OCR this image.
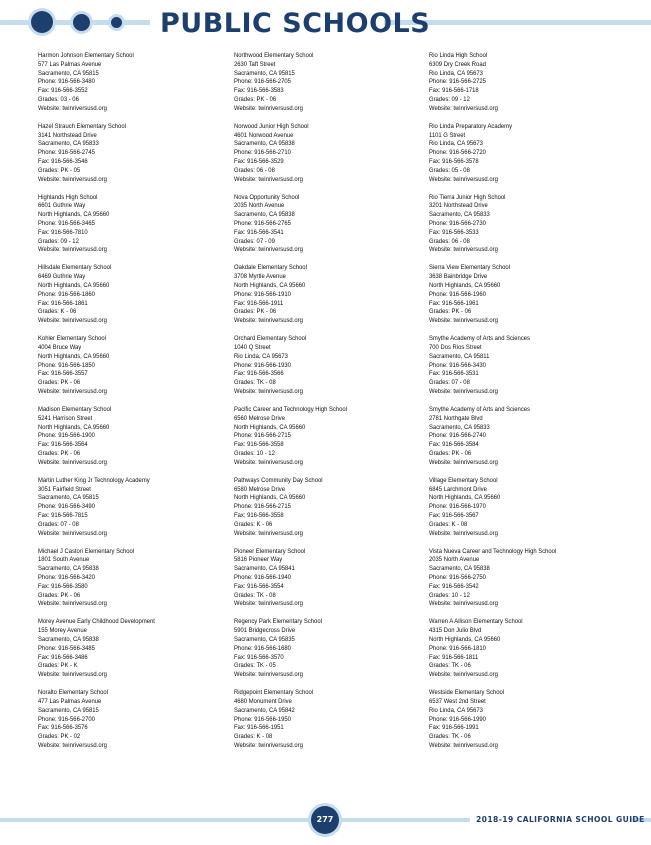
PUBLIC SCHOOLS
Harmon Johnson Elementary School
577 Las Palmas Avenue
Sacramento, CA 95815
Phone: 916-566-3480
Fax: 916-566-3552
Grades: 03 - 06
Website: twinriversusd.org
Hazel Strauch Elementary School
3141 Northstead Drive
Sacramento, CA 95833
Phone: 916-566-2745
Fax: 916-566-3546
Grades: PK - 05
Website: twinriversusd.org
Highlands High School
6601 Guthrie Way
North Highlands, CA 95660
Phone: 916-566-3465
Fax: 916-566-7810
Grades: 09 - 12
Website: twinriversusd.org
Hillsdale Elementary School
6469 Guthrie Way
North Highlands, CA 95660
Phone: 916-566-1860
Fax: 916-566-1861
Grades: K - 06
Website: twinriversusd.org
Kohler Elementary School
4004 Bruce Way
North Highlands, CA 95660
Phone: 916-566-1850
Fax: 916-566-3557
Grades: PK - 06
Website: twinriversusd.org
Madison Elementary School
5241 Harrison Street
North Highlands, CA 95660
Phone: 916-566-1900
Fax: 916-566-3564
Grades: PK - 06
Website: twinriversusd.org
Martin Luther King Jr Technology Academy
3051 Fairfield Street
Sacramento, CA 95815
Phone: 916-566-3490
Fax: 916-566-7815
Grades: 07 - 08
Website: twinriversusd.org
Michael J Castori Elementary School
1801 South Avenue
Sacramento, CA 95838
Phone: 916-566-3420
Fax: 916-566-3580
Grades: PK - 06
Website: twinriversusd.org
Morey Avenue Early Childhood Development
155 Morey Avenue
Sacramento, CA 95838
Phone: 916-566-3485
Fax: 916-566-3486
Grades: PK - K
Website: twinriversusd.org
Noralto Elementary School
477 Las Palmas Avenue
Sacramento, CA 95815
Phone: 916-566-2700
Fax: 916-566-3576
Grades: PK - 02
Website: twinriversusd.org
Northwood Elementary School
2630 Taft Street
Sacramento, CA 95815
Phone: 916-566-2705
Fax: 916-566-3583
Grades: PK - 06
Website: twinriversusd.org
Norwood Junior High School
4601 Norwood Avenue
Sacramento, CA 95838
Phone: 916-566-2710
Fax: 916-566-3529
Grades: 06 - 08
Website: twinriversusd.org
Nova Opportunity School
2035 North Avenue
Sacramento, CA 95838
Phone: 916-566-2765
Fax: 916-566-3541
Grades: 07 - 09
Website: twinriversusd.org
Oakdale Elementary School
3708 Myrtle Avenue
North Highlands, CA 95660
Phone: 916-566-1910
Fax: 916-566-1911
Grades: PK - 06
Website: twinriversusd.org
Orchard Elementary School
1040 Q Street
Rio Linda, CA 95673
Phone: 916-566-1930
Fax: 916-566-3566
Grades: TK - 08
Website: twinriversusd.org
Pacific Career and Technology High School
6560 Melrose Drive
North Highlands, CA 95660
Phone: 916-566-2715
Fax: 916-566-3558
Grades: 10 - 12
Website: twinriversusd.org
Pathways Community Day School
6580 Melrose Drive
North Highlands, CA 95660
Phone: 916-566-2715
Fax: 916-566-3558
Grades: K - 06
Website: twinriversusd.org
Pioneer Elementary School
5816 Pioneer Way
Sacramento, CA 95841
Phone: 916-566-1940
Fax: 916-566-3554
Grades: TK - 08
Website: twinriversusd.org
Regency Park Elementary School
5901 Bridgecross Drive
Sacramento, CA 95835
Phone: 916-566-1680
Fax: 916-566-3570
Grades: TK - 05
Website: twinriversusd.org
Ridgepoint Elementary School
4680 Monument Drive
Sacramento, CA 95842
Phone: 916-566-1950
Fax: 916-566-1951
Grades: K - 08
Website: twinriversusd.org
Rio Linda High School
6309 Dry Creek Road
Rio Linda, CA 95673
Phone: 916-566-2725
Fax: 916-566-1718
Grades: 09 - 12
Website: twinriversusd.org
Rio Linda Preparatory Academy
1101 G Street
Rio Linda, CA 95673
Phone: 916-566-2720
Fax: 916-566-3578
Grades: 05 - 08
Website: twinriversusd.org
Rio Tierra Junior High School
3201 Northstead Drive
Sacramento, CA 95833
Phone: 916-566-2730
Fax: 916-566-3533
Grades: 06 - 08
Website: twinriversusd.org
Sierra View Elementary School
3638 Bainbridge Drive
North Highlands, CA 95660
Phone: 916-566-1960
Fax: 916-566-1961
Grades: PK - 06
Website: twinriversusd.org
Smythe Academy of Arts and Sciences
700 Dos Rios Street
Sacramento, CA 95811
Phone: 916-566-3430
Fax: 916-566-3531
Grades: 07 - 08
Website: twinriversusd.org
Smythe Academy of Arts and Sciences
2781 Northgate Blvd
Sacramento, CA 95833
Phone: 916-566-2740
Fax: 916-566-3584
Grades: PK - 06
Website: twinriversusd.org
Village Elementary School
6845 Larchmont Drive
North Highlands, CA 95660
Phone: 916-566-1970
Fax: 916-566-3567
Grades: K - 08
Website: twinriversusd.org
Vista Nueva Career and Technology High School
2035 North Avenue
Sacramento, CA 95838
Phone: 916-566-2750
Fax: 916-566-3542
Grades: 10 - 12
Website: twinriversusd.org
Warren A Allison Elementary School
4315 Don Julio Blvd
North Highlands, CA 95660
Phone: 916-566-1810
Fax: 916-566-1811
Grades: TK - 06
Website: twinriversusd.org
Westside Elementary School
6537 West 2nd Street
Rio Linda, CA 95673
Phone: 916-566-1990
Fax: 916-566-1991
Grades: TK - 06
Website: twinriversusd.org
277	2018-19 CALIFORNIA SCHOOL GUIDE
